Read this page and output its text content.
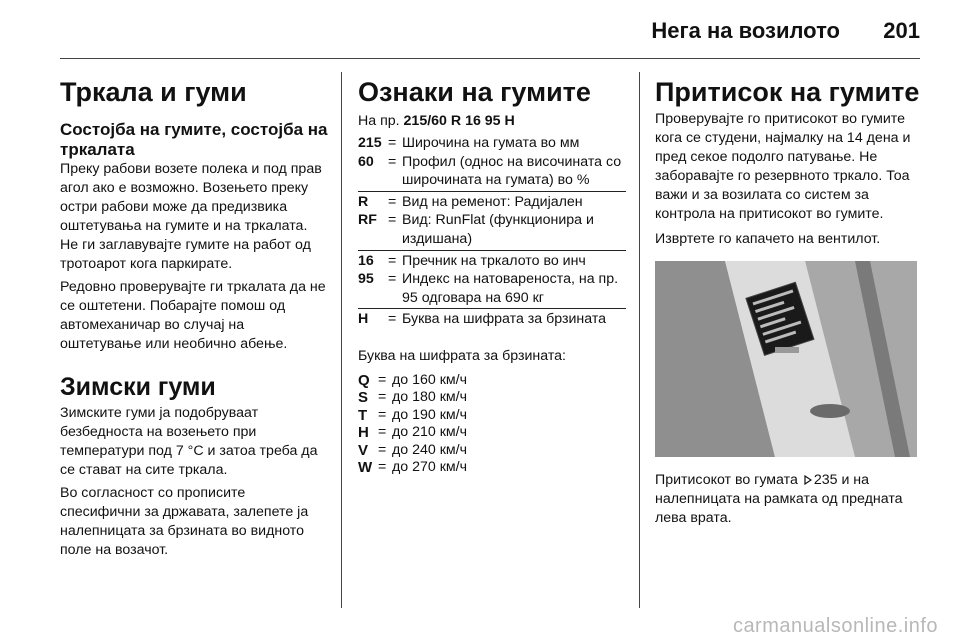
Нега на возилото 201
Тркала и гуми
Состојба на гумите, состојба на тркалата

Преку рабови возете полека и под прав агол ако е возможно. Возењето преку остри рабови може да предизвика оштетувања на гумите и на тркалата. Не ги заглавувајте гумите на работ од тротоарот кога паркирате.

Редовно проверувајте ги тркалата да не се оштетени. Побарајте помош од автомеханичар во случај на оштетување или необично абење.

Зимски гуми

Зимските гуми ја подобруваат безбедноста на возењето при температури под 7 °C и затоа треба да се стават на сите тркала.

Во согласност со прописите спесифични за државата, залепете ја налепницата за брзината во видното поле на возачот.

Ознаки на гумите
На пр. 215/60 R 16 95 H
215 = Широчина на гумата во мм
60	= Профил (однос на височината со широчината на гумата) во %
R	= Вид на ременот: Радијален
RF = Вид: RunFlat (функционира и издишана)
16	= Пречник на тркалото во инч
95	= Индекс на натовареноста, на пр. 95 одговара на 690 кг
H	= Буква на шифрата за брзината

Буква на шифрата за брзината:

Q = до 160 км/ч
S = до 180 км/ч
T = до 190 км/ч
H = до 210 км/ч
V = до 240 км/ч
W = до 270 км/ч
Притисок на гумите

Проверувајте го притисокот во гумите кога се студени, најмалку на 14 дена и пред секое подолго патување. Не заборавајте го резервното тркало. Тоа важи и за возилата со систем за контрола на притисокот во гумите.

Извртете го капачето на вентилот.

Притисокот во гумата 235 и на налепницата на рамката од предната лева врата.

carmanualsonline.info
